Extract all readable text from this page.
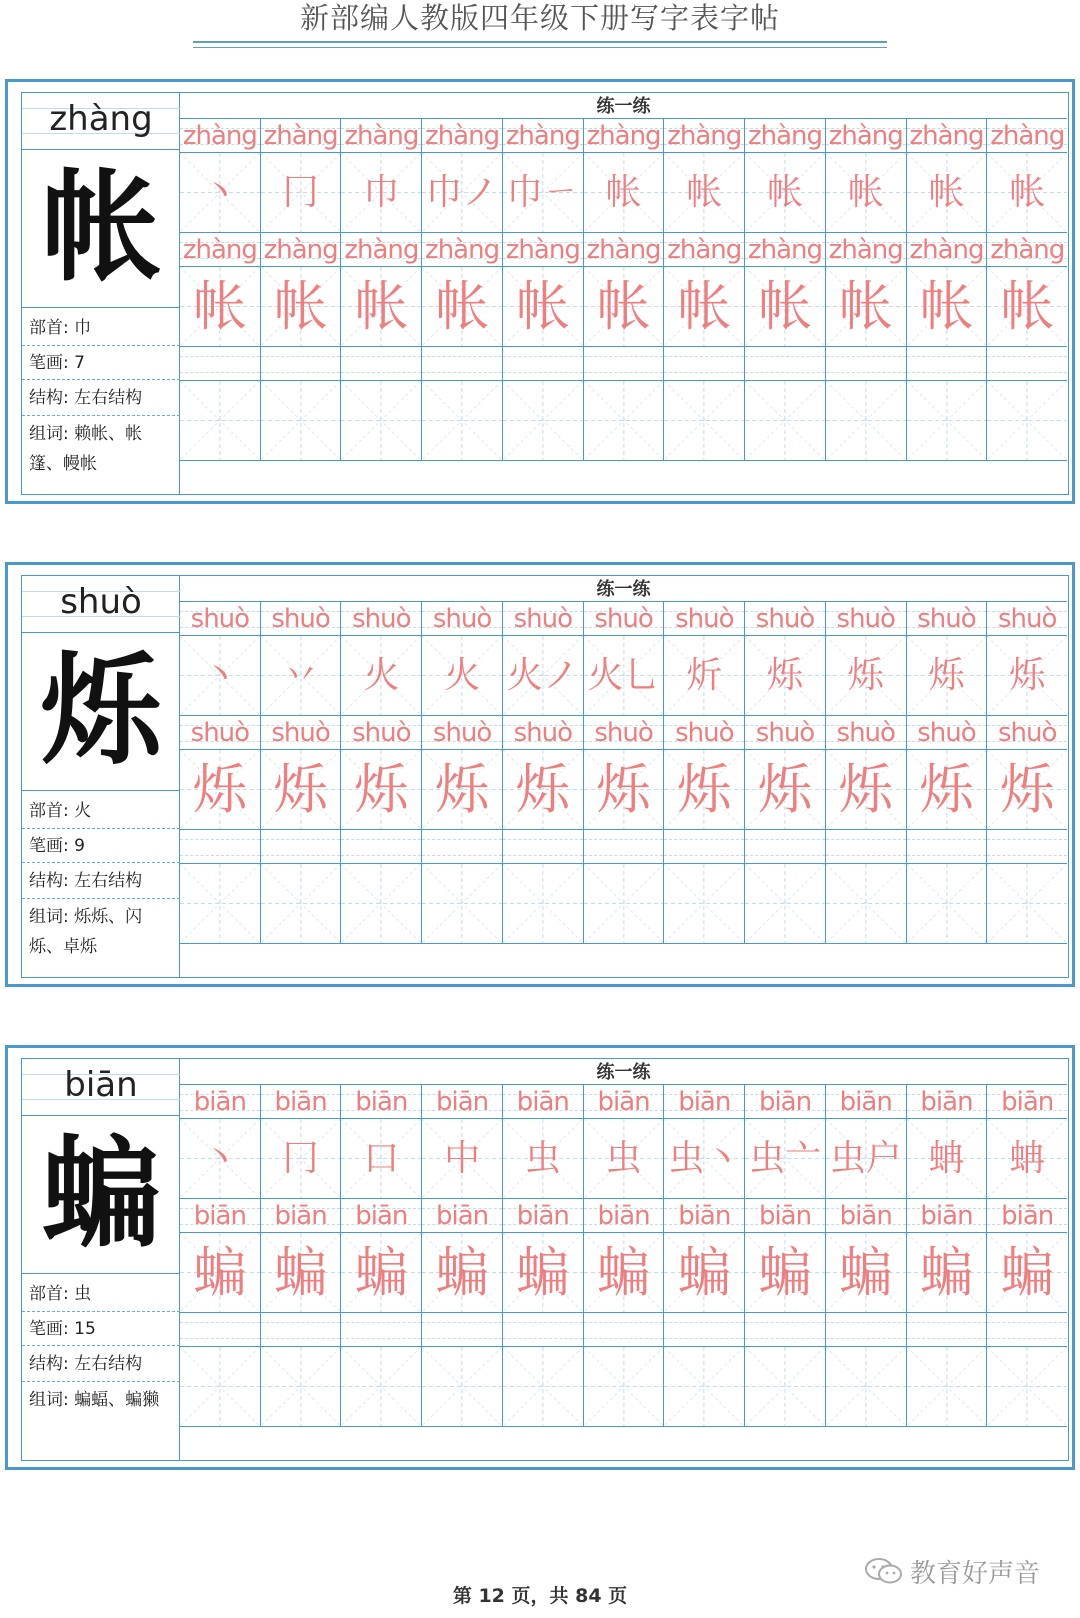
新部编人教版四年级下册写字表字帖
zhàng
帐
部首: 巾
笔画: 7
结构: 左右结构
组词: 赖帐、帐
篷、幔帐
练一练
zhàng zhàng zhàng zhàng zhàng zhàng zhàng zhàng zhàng zhàng zhàng
丶	冂	巾 巾ノ 巾ㄧ 帐	帐	帐	帐	帐	帐
zhàng zhàng zhàng zhàng zhàng zhàng zhàng zhàng zhàng zhàng zhàng
帐 帐 帐 帐 帐 帐 帐 帐 帐 帐 帐
shuò
烁
部首: 火
笔画: 9
结构: 左右结构
组词: 烁烁、闪
烁、卓烁
练一练
shuò shuò shuò shuò shuò shuò shuò shuò shuò shuò shuò
丶	丷	火	火 火ノ 火乚 炘	烁	烁	烁	烁
shuò shuò shuò shuò shuò shuò shuò shuò shuò shuò shuò
烁 烁 烁 烁 烁 烁 烁 烁 烁 烁 烁
biān
蝙
部首: 虫
笔画: 15
结构: 左右结构
组词: 蝙蝠、蝙獭
练一练
biān	biān	biān	biān	biān	biān	biān	biān	biān	biān	biān
丶	冂	口	中	虫	虫 虫丶 虫亠 虫户 蚺	蚺
biān	biān	biān	biān	biān	biān	biān	biān	biān	biān	biān
蝙 蝙 蝙 蝙 蝙 蝙 蝙 蝙 蝙 蝙 蝙
教育好声音
第 12 页，共 84 页
